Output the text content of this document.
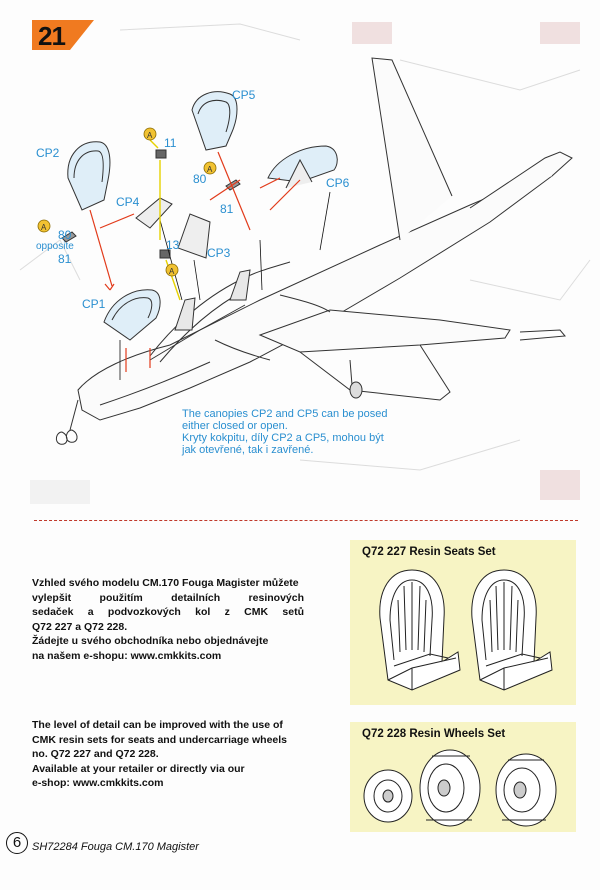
21
A
A
A
A
CP5
CP2
11
80
81
CP6
CP4
80
opposite
81
13
CP3
CP1
The canopies CP2 and CP5 can be posed
either closed or open.
Kryty kokpitu, díly CP2 a CP5, mohou být
jak otevřené, tak i zavřené.
Vzhled svého modelu CM.170 Fouga Magister můžete
vylepšit použitím detailních resinových
sedaček a podvozkových kol z CMK setů
Q72 227 a Q72 228.
Žádejte u svého obchodníka nebo objednávejte
na našem e-shopu: www.cmkkits.com
The level of detail can be improved with the use of
CMK resin sets for seats and undercarriage wheels
no. Q72 227 and Q72 228.
Available at your retailer or directly via our
e-shop: www.cmkkits.com
Q72 227 Resin Seats Set
Q72 228 Resin Wheels Set
6 SH72284 Fouga CM.170 Magister
